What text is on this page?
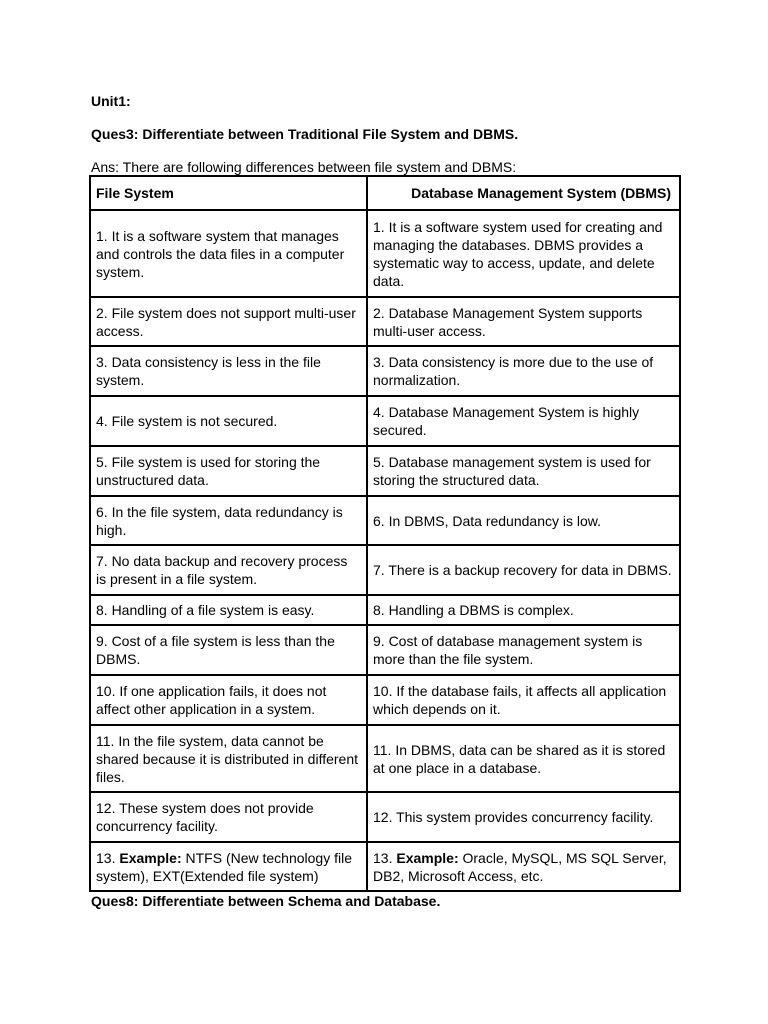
Unit1:

Ques3: Differentiate between Traditional File System and DBMS.

Ans: There are following differences between file system and DBMS:

File System	Database Management System (DBMS)
1. It is a software system that manages and controls the data files in a computer system.	1. It is a software system used for creating and managing the databases. DBMS provides a systematic way to access, update, and delete data.
2. File system does not support multi-user access.	2. Database Management System supports multi-user access.
3. Data consistency is less in the file system.	3. Data consistency is more due to the use of normalization.
4. File system is not secured.	4. Database Management System is highly secured.
5. File system is used for storing the unstructured data.	5. Database management system is used for storing the structured data.
6. In the file system, data redundancy is high.	6. In DBMS, Data redundancy is low.
7. No data backup and recovery process is present in a file system.	7. There is a backup recovery for data in DBMS.
8. Handling of a file system is easy.	8. Handling a DBMS is complex.
9. Cost of a file system is less than the DBMS.	9. Cost of database management system is more than the file system.
10. If one application fails, it does not affect other application in a system.	10. If the database fails, it affects all application which depends on it.
11. In the file system, data cannot be shared because it is distributed in different files.	11. In DBMS, data can be shared as it is stored at one place in a database.
12. These system does not provide concurrency facility.	12. This system provides concurrency facility.
13. Example: NTFS (New technology file system), EXT(Extended file system)	13. Example: Oracle, MySQL, MS SQL Server, DB2, Microsoft Access, etc.

Ques8: Differentiate between Schema and Database.
